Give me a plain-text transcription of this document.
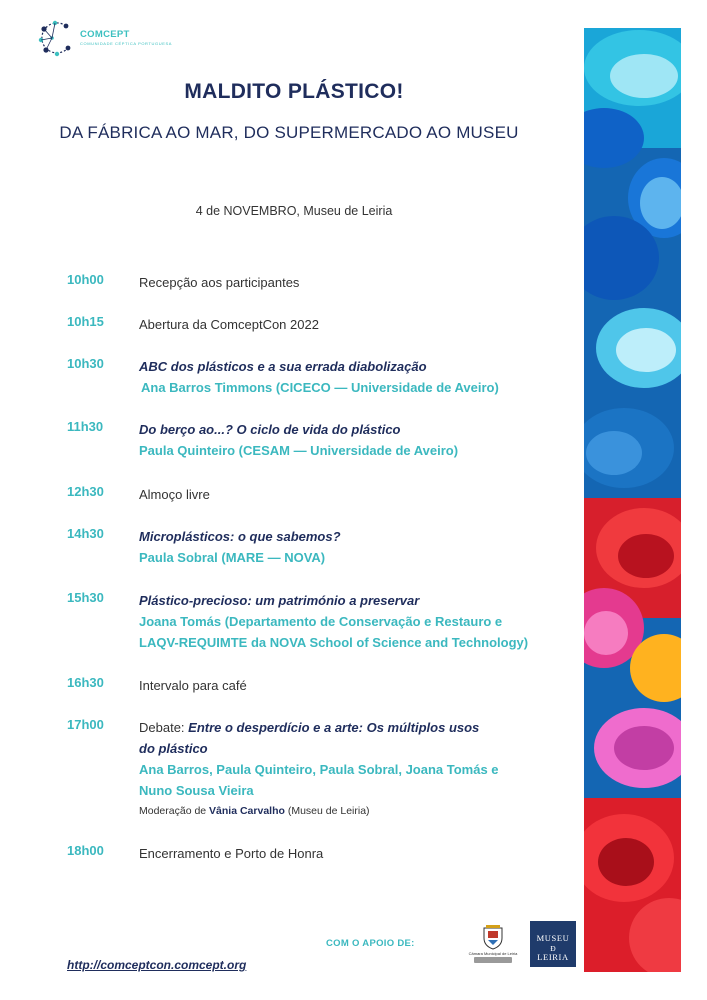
COMCEPT
COMUNIDADE CÉPTICA PORTUGUESA
MALDITO PLÁSTICO!
DA FÁBRICA AO MAR, DO SUPERMERCADO AO MUSEU
4 de NOVEMBRO, Museu de Leiria
10h00	Recepção aos participantes
10h15	Abertura da ComceptCon 2022
10h30	ABC dos plásticos e a sua errada diabolização
Ana Barros Timmons (CICECO — Universidade de Aveiro)
11h30	Do berço ao...? O ciclo de vida do plástico
Paula Quinteiro (CESAM — Universidade de Aveiro)
12h30	Almoço livre
14h30	Microplásticos: o que sabemos?
Paula Sobral (MARE — NOVA)
15h30	Plástico-precioso: um património a preservar
Joana Tomás (Departamento de Conservação e Restauro e
LAQV-REQUIMTE da NOVA School of Science and Technology)
16h30	Intervalo para café
17h00	Debate: Entre o desperdício e a arte: Os múltiplos usos
do plástico
Ana Barros, Paula Quinteiro, Paula Sobral, Joana Tomás e
Nuno Sousa Vieira
Moderação de Vânia Carvalho (Museu de Leiria)
18h00	Encerramento e Porto de Honra
COM O APOIO DE:
Câmara Municipal de Leiria
MUSEU
Ð
LEIRIA
http://comceptcon.comcept.org
